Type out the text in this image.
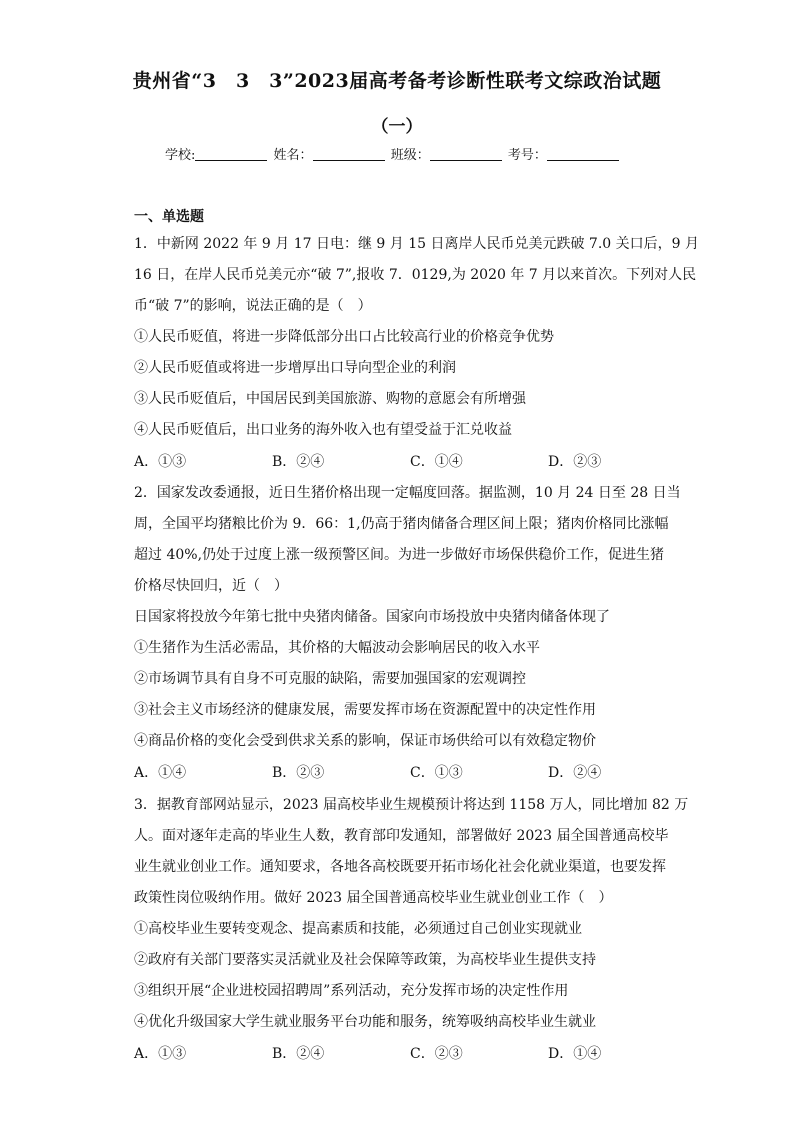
贵州省“3　3　3”2023届高考备考诊断性联考文综政治试题
（一）
学校:	姓名：	班级：	考号：
一、单选题
1．中新网 2022 年 9 月 17 日电：继 9 月 15 日离岸人民币兑美元跌破 7.0 关口后，9 月
16 日，在岸人民币兑美元亦“破 7”,报收 7．0129,为 2020 年 7 月以来首次。下列对人民
币“破 7”的影响，说法正确的是（　）
①人民币贬值，将进一步降低部分出口占比较高行业的价格竞争优势
②人民币贬值或将进一步增厚出口导向型企业的利润
③人民币贬值后，中国居民到美国旅游、购物的意愿会有所增强
④人民币贬值后，出口业务的海外收入也有望受益于汇兑收益
A．①③	B．②④	C．①④	D．②③
2．国家发改委通报，近日生猪价格出现一定幅度回落。据监测，10 月 24 日至 28 日当
周，全国平均猪粮比价为 9．66：1,仍高于猪肉储备合理区间上限；猪肉价格同比涨幅
超过 40%,仍处于过度上涨一级预警区间。为进一步做好市场保供稳价工作，促进生猪
价格尽快回归，近（　）
日国家将投放今年第七批中央猪肉储备。国家向市场投放中央猪肉储备体现了
①生猪作为生活必需品，其价格的大幅波动会影响居民的收入水平
②市场调节具有自身不可克服的缺陷，需要加强国家的宏观调控
③社会主义市场经济的健康发展，需要发挥市场在资源配置中的决定性作用
④商品价格的变化会受到供求关系的影响，保证市场供给可以有效稳定物价
A．①④	B．②③	C．①③	D．②④
3．据教育部网站显示，2023 届高校毕业生规模预计将达到 1158 万人，同比增加 82 万
人。面对逐年走高的毕业生人数，教育部印发通知，部署做好 2023 届全国普通高校毕
业生就业创业工作。通知要求，各地各高校既要开拓市场化社会化就业渠道，也要发挥
政策性岗位吸纳作用。做好 2023 届全国普通高校毕业生就业创业工作（　）
①高校毕业生要转变观念、提高素质和技能，必须通过自己创业实现就业
②政府有关部门要落实灵活就业及社会保障等政策，为高校毕业生提供支持
③组织开展“企业进校园招聘周”系列活动，充分发挥市场的决定性作用
④优化升级国家大学生就业服务平台功能和服务，统筹吸纳高校毕业生就业
A．①③	B．②④	C．②③	D．①④
